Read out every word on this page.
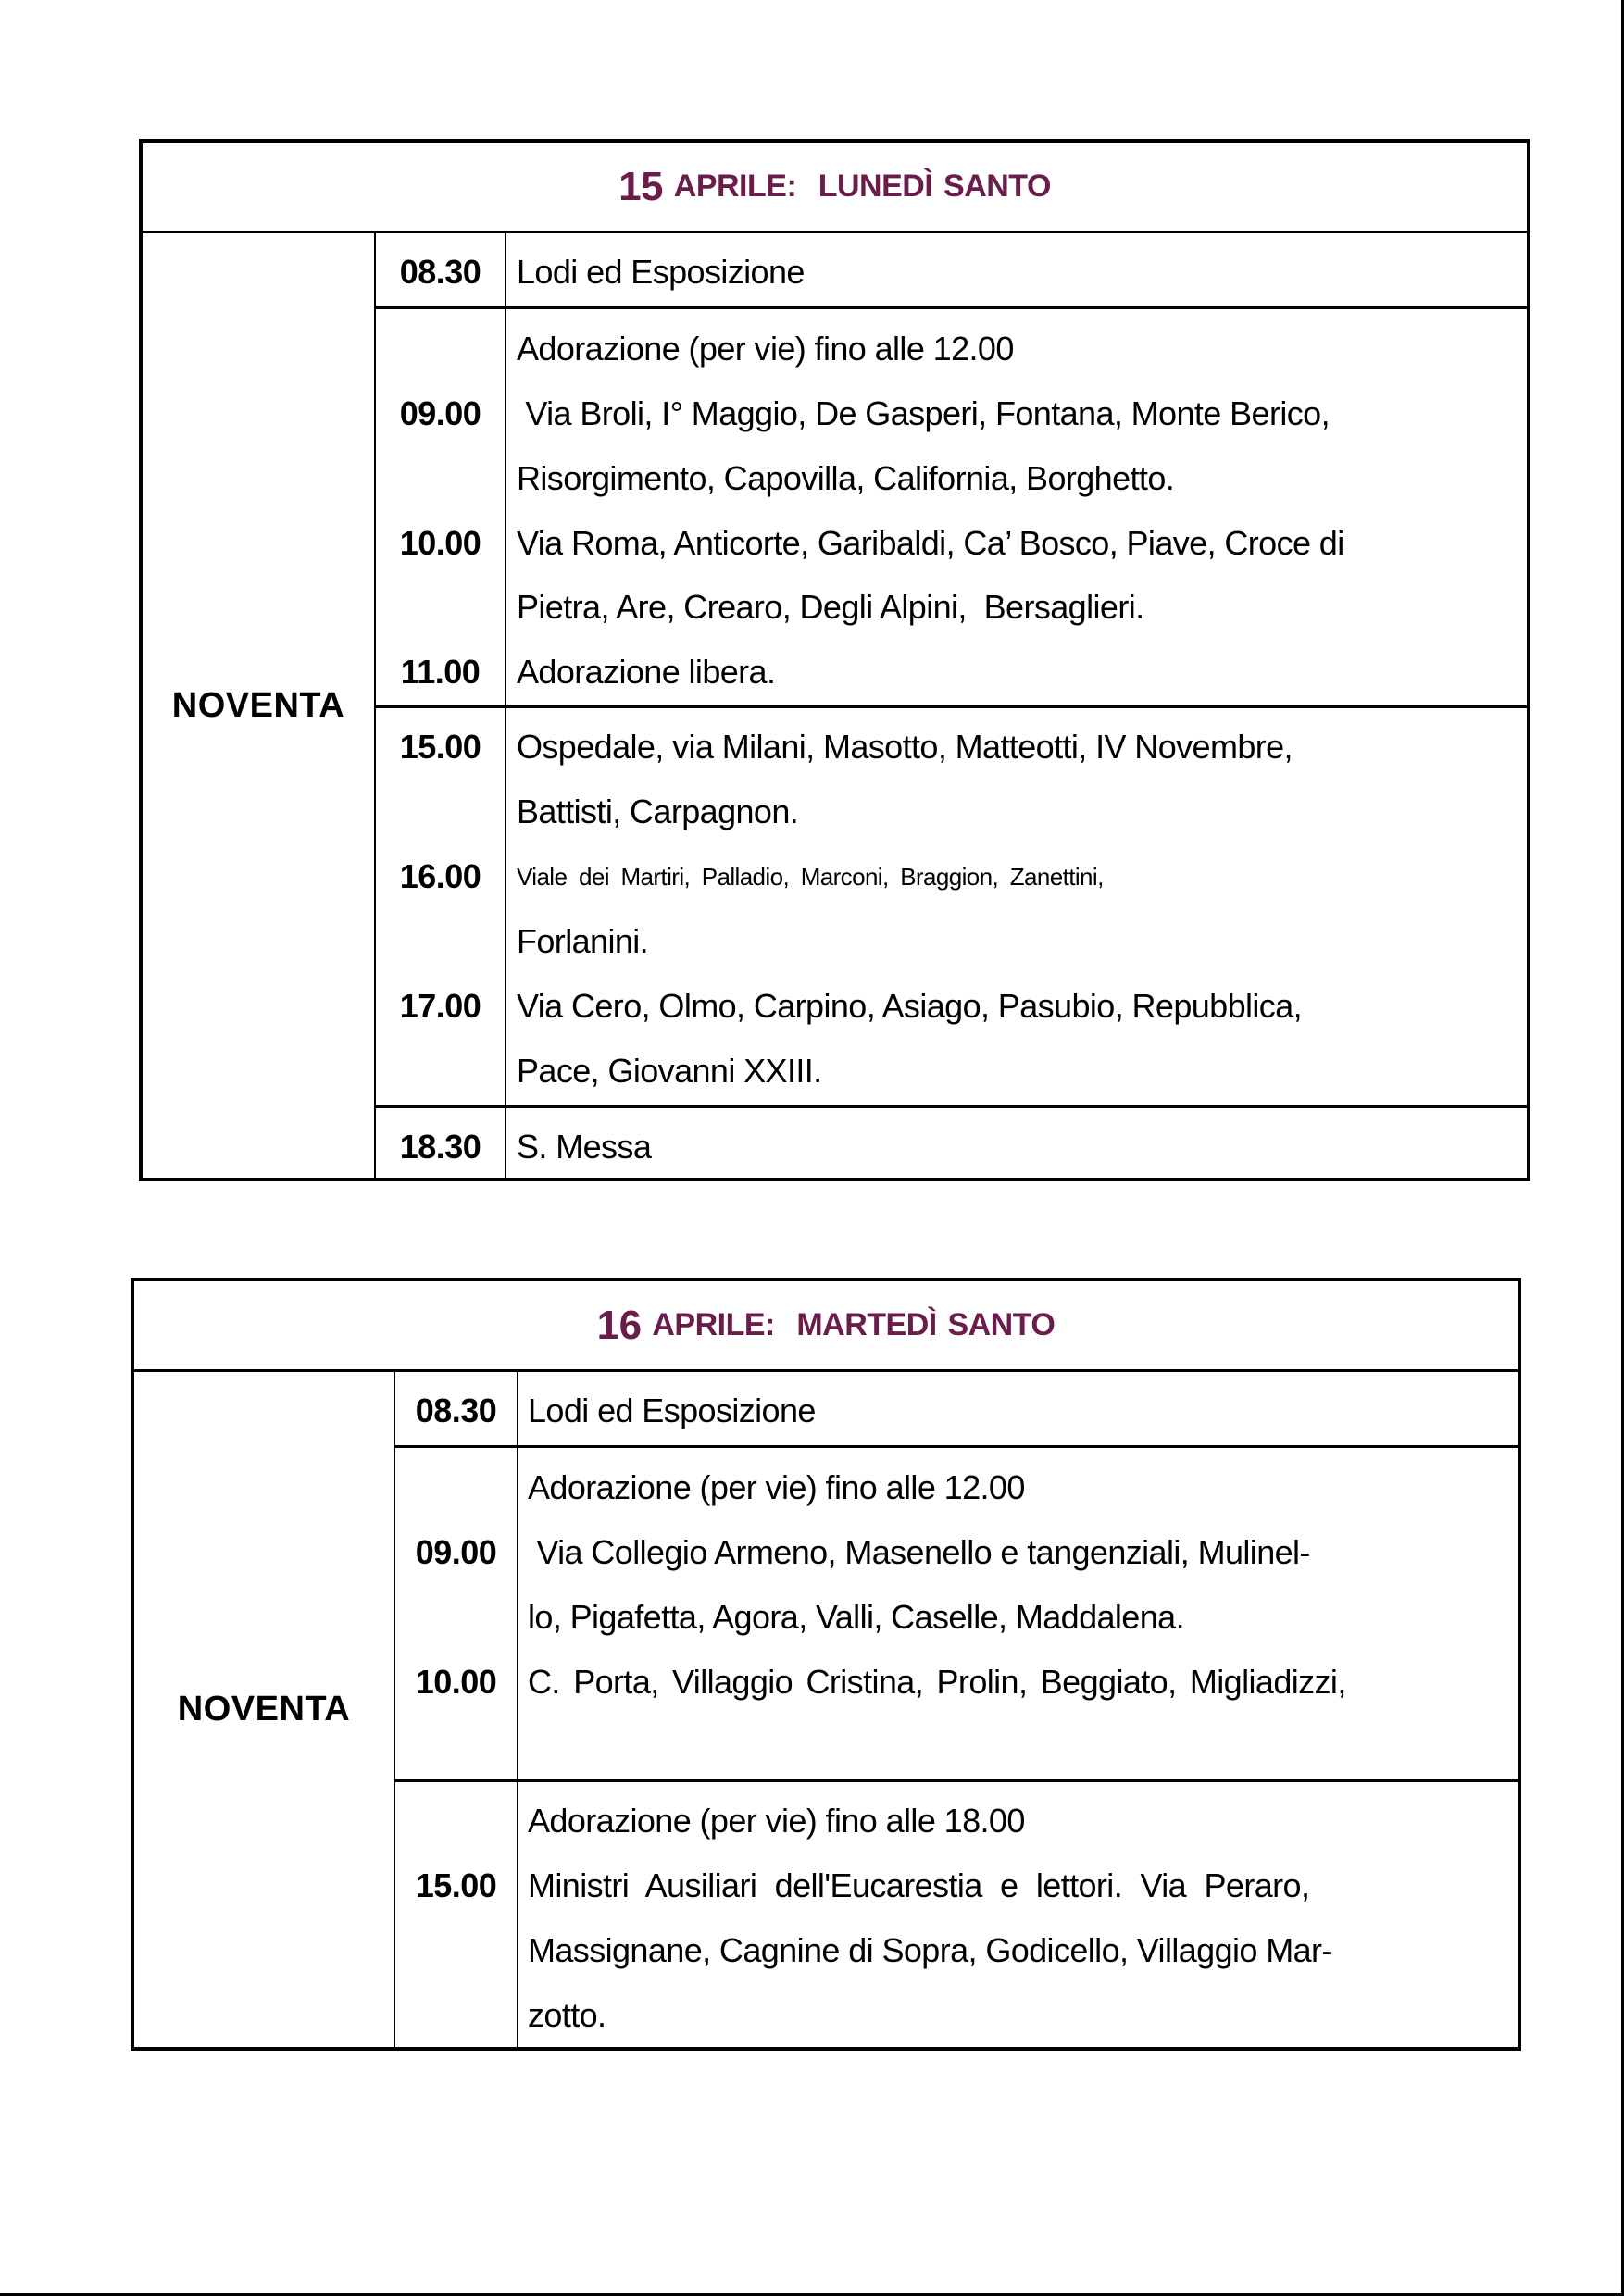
15
APRILE:
LUNEDÌ
SANTO
NOVENTA
08.30
09.00
10.00
11.00
15.00
16.00
17.00
18.30
Lodi ed Esposizione
Adorazione (per vie) fino alle 12.00
Via Broli, I° Maggio, De Gasperi, Fontana, Monte Berico,
Risorgimento, Capovilla, California, Borghetto.
Via Roma, Anticorte, Garibaldi, Ca’ Bosco, Piave, Croce di
Pietra, Are, Crearo, Degli Alpini,  Bersaglieri.
Adorazione libera.
Ospedale, via Milani, Masotto, Matteotti, IV Novembre,
Battisti, Carpagnon.
Viale dei Martiri, Palladio, Marconi, Braggion, Zanettini,
Forlanini.
Via Cero, Olmo, Carpino, Asiago, Pasubio, Repubblica,
Pace, Giovanni XXIII.
S. Messa
16
APRILE:
MARTEDÌ
SANTO
NOVENTA
08.30
09.00
10.00
15.00
Lodi ed Esposizione
Adorazione (per vie) fino alle 12.00
Via Collegio Armeno, Masenello e tangenziali, Mulinel-
lo, Pigafetta, Agora, Valli, Caselle, Maddalena.
C. Porta, Villaggio Cristina, Prolin, Beggiato, Migliadizzi,
Adorazione (per vie) fino alle 18.00
Ministri Ausiliari dell'Eucarestia e lettori. Via Peraro,
Massignane, Cagnine di Sopra, Godicello, Villaggio Mar-
zotto.
